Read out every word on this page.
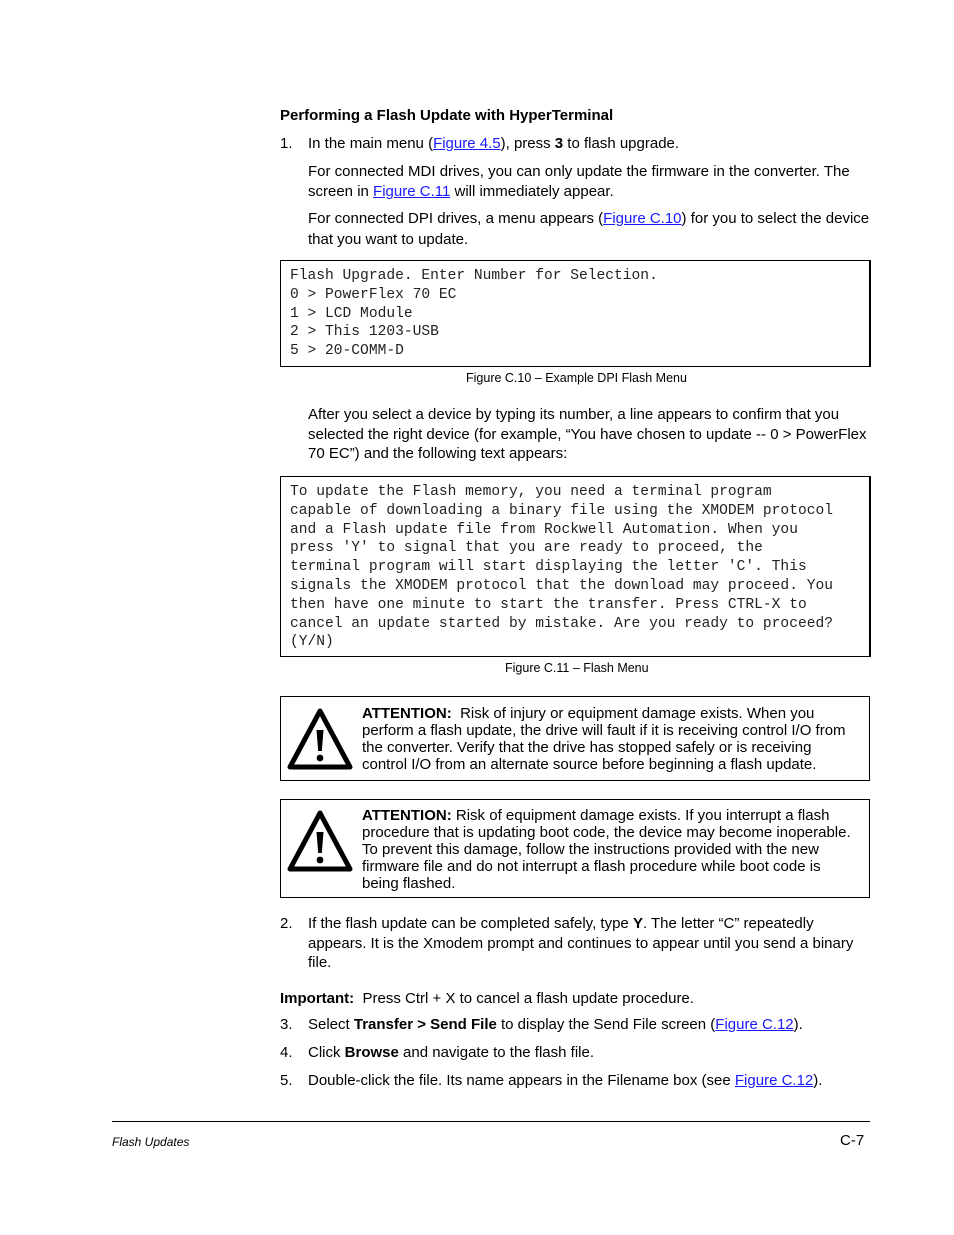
Performing a Flash Update with HyperTerminal
1. In the main menu (Figure 4.5), press 3 to flash upgrade.
For connected MDI drives, you can only update the firmware in the converter. The screen in Figure C.11 will immediately appear.
For connected DPI drives, a menu appears (Figure C.10) for you to select the device that you want to update.
Flash Upgrade. Enter Number for Selection.
0 > PowerFlex 70 EC
1 > LCD Module
2 > This 1203-USB
5 > 20-COMM-D
Figure C.10 – Example DPI Flash Menu
After you select a device by typing its number, a line appears to confirm that you selected the right device (for example, “You have chosen to update -- 0 > PowerFlex 70 EC”) and the following text appears:
To update the Flash memory, you need a terminal program
capable of downloading a binary file using the XMODEM protocol
and a Flash update file from Rockwell Automation. When you
press 'Y' to signal that you are ready to proceed, the
terminal program will start displaying the letter 'C'. This
signals the XMODEM protocol that the download may proceed. You
then have one minute to start the transfer. Press CTRL-X to
cancel an update started by mistake. Are you ready to proceed?
(Y/N)
Figure C.11 – Flash Menu
ATTENTION: Risk of injury or equipment damage exists. When you perform a flash update, the drive will fault if it is receiving control I/O from the converter. Verify that the drive has stopped safely or is receiving control I/O from an alternate source before beginning a flash update.
ATTENTION: Risk of equipment damage exists. If you interrupt a flash procedure that is updating boot code, the device may become inoperable. To prevent this damage, follow the instructions provided with the new firmware file and do not interrupt a flash procedure while boot code is being flashed.
2. If the flash update can be completed safely, type Y. The letter “C” repeatedly appears. It is the Xmodem prompt and continues to appear until you send a binary file.
Important: Press Ctrl + X to cancel a flash update procedure.
3. Select Transfer > Send File to display the Send File screen (Figure C.12).
4. Click Browse and navigate to the flash file.
5. Double-click the file. Its name appears in the Filename box (see Figure C.12).
Flash Updates	C-7
